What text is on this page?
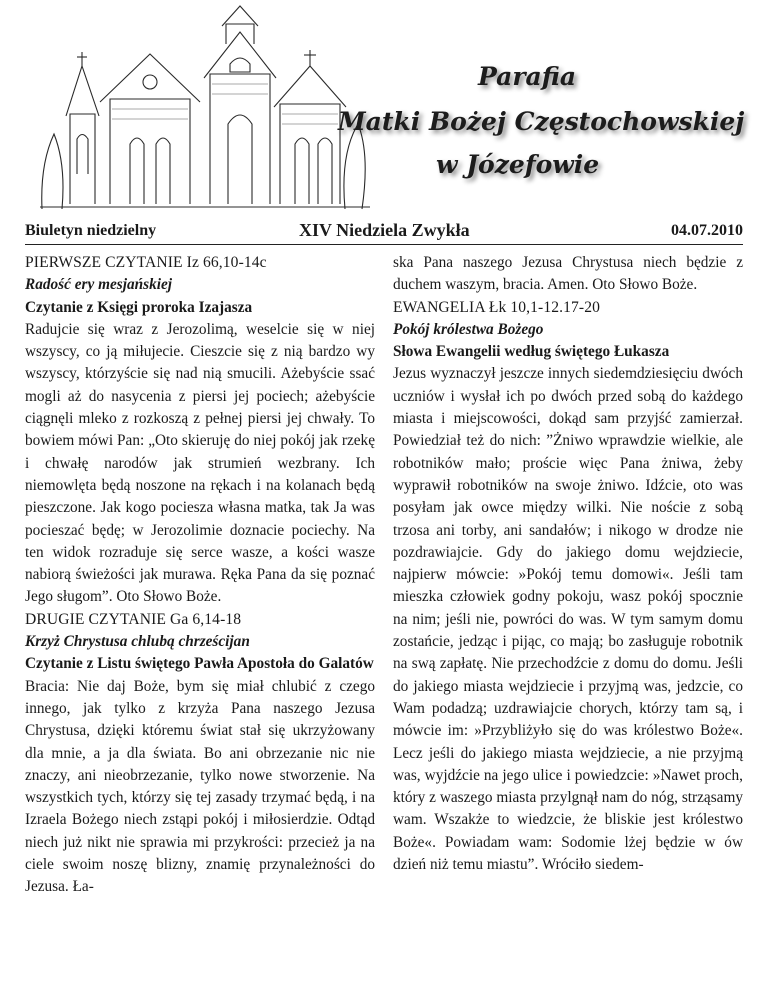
Parafia
Matki Bożej Częstochowskiej
w Józefowie
Biuletyn niedzielny	XIV Niedziela Zwykła	04.07.2010

PIERWSZE CZYTANIE Iz 66,10-14c

Radość ery mesjańskiej

Czytanie z Księgi proroka Izajasza

Radujcie się wraz z Jerozolimą, weselcie się w niej wszyscy, co ją miłujecie. Cieszcie się z nią bardzo wy wszyscy, którzyście się nad nią smucili. Ażebyście ssać mogli aż do nasycenia z piersi jej pociech; ażebyście ciągnęli mleko z rozkoszą z pełnej piersi jej chwały. To bowiem mówi Pan: „Oto skieruję do niej pokój jak rzekę i chwałę narodów jak strumień wezbrany. Ich niemowlęta będą noszone na rękach i na kolanach będą pieszczone. Jak kogo pociesza własna matka, tak Ja was pocieszać będę; w Jerozolimie doznacie pociechy. Na ten widok rozraduje się serce wasze, a kości wasze nabiorą świeżości jak murawa. Ręka Pana da się poznać Jego sługom”. Oto Słowo Boże.

DRUGIE CZYTANIE Ga 6,14-18

Krzyż Chrystusa chlubą chrześcijan

Czytanie z Listu świętego Pawła Apostoła do Galatów

Bracia: Nie daj Boże, bym się miał chlubić z czego innego, jak tylko z krzyża Pana naszego Jezusa Chrystusa, dzięki któremu świat stał się ukrzyżowany dla mnie, a ja dla świata. Bo ani obrzezanie nic nie znaczy, ani nieobrzezanie, tylko nowe stworzenie. Na wszystkich tych, którzy się tej zasady trzymać będą, i na Izraela Bożego niech zstąpi pokój i miłosierdzie. Odtąd niech już nikt nie sprawia mi przykrości: przecież ja na ciele swoim noszę blizny, znamię przynależności do Jezusa. Ła-

ska Pana naszego Jezusa Chrystusa niech będzie z duchem waszym, bracia. Amen. Oto Słowo Boże.

EWANGELIA Łk 10,1-12.17-20

Pokój królestwa Bożego

Słowa Ewangelii według świętego Łukasza

Jezus wyznaczył jeszcze innych siedemdziesięciu dwóch uczniów i wysłał ich po dwóch przed sobą do każdego miasta i miejscowości, dokąd sam przyjść zamierzał. Powiedział też do nich: ”Żniwo wprawdzie wielkie, ale robotników mało; proście więc Pana żniwa, żeby wyprawił robotników na swoje żniwo. Idźcie, oto was posyłam jak owce między wilki. Nie noście z sobą trzosa ani torby, ani sandałów; i nikogo w drodze nie pozdrawiajcie. Gdy do jakiego domu wejdziecie, najpierw mówcie: »Pokój temu domowi«. Jeśli tam mieszka człowiek godny pokoju, wasz pokój spocznie na nim; jeśli nie, powróci do was. W tym samym domu zostańcie, jedząc i pijąc, co mają; bo zasługuje robotnik na swą zapłatę. Nie przechodźcie z domu do domu. Jeśli do jakiego miasta wejdziecie i przyjmą was, jedzcie, co Wam podadzą; uzdrawiajcie chorych, którzy tam są, i mówcie im: »Przybliżyło się do was królestwo Boże«. Lecz jeśli do jakiego miasta wejdziecie, a nie przyjmą was, wyjdźcie na jego ulice i powiedzcie: »Nawet proch, który z waszego miasta przylgnął nam do nóg, strząsamy wam. Wszakże to wiedzcie, że bliskie jest królestwo Boże«. Powiadam wam: Sodomie lżej będzie w ów dzień niż temu miastu”. Wróciło siedem-
